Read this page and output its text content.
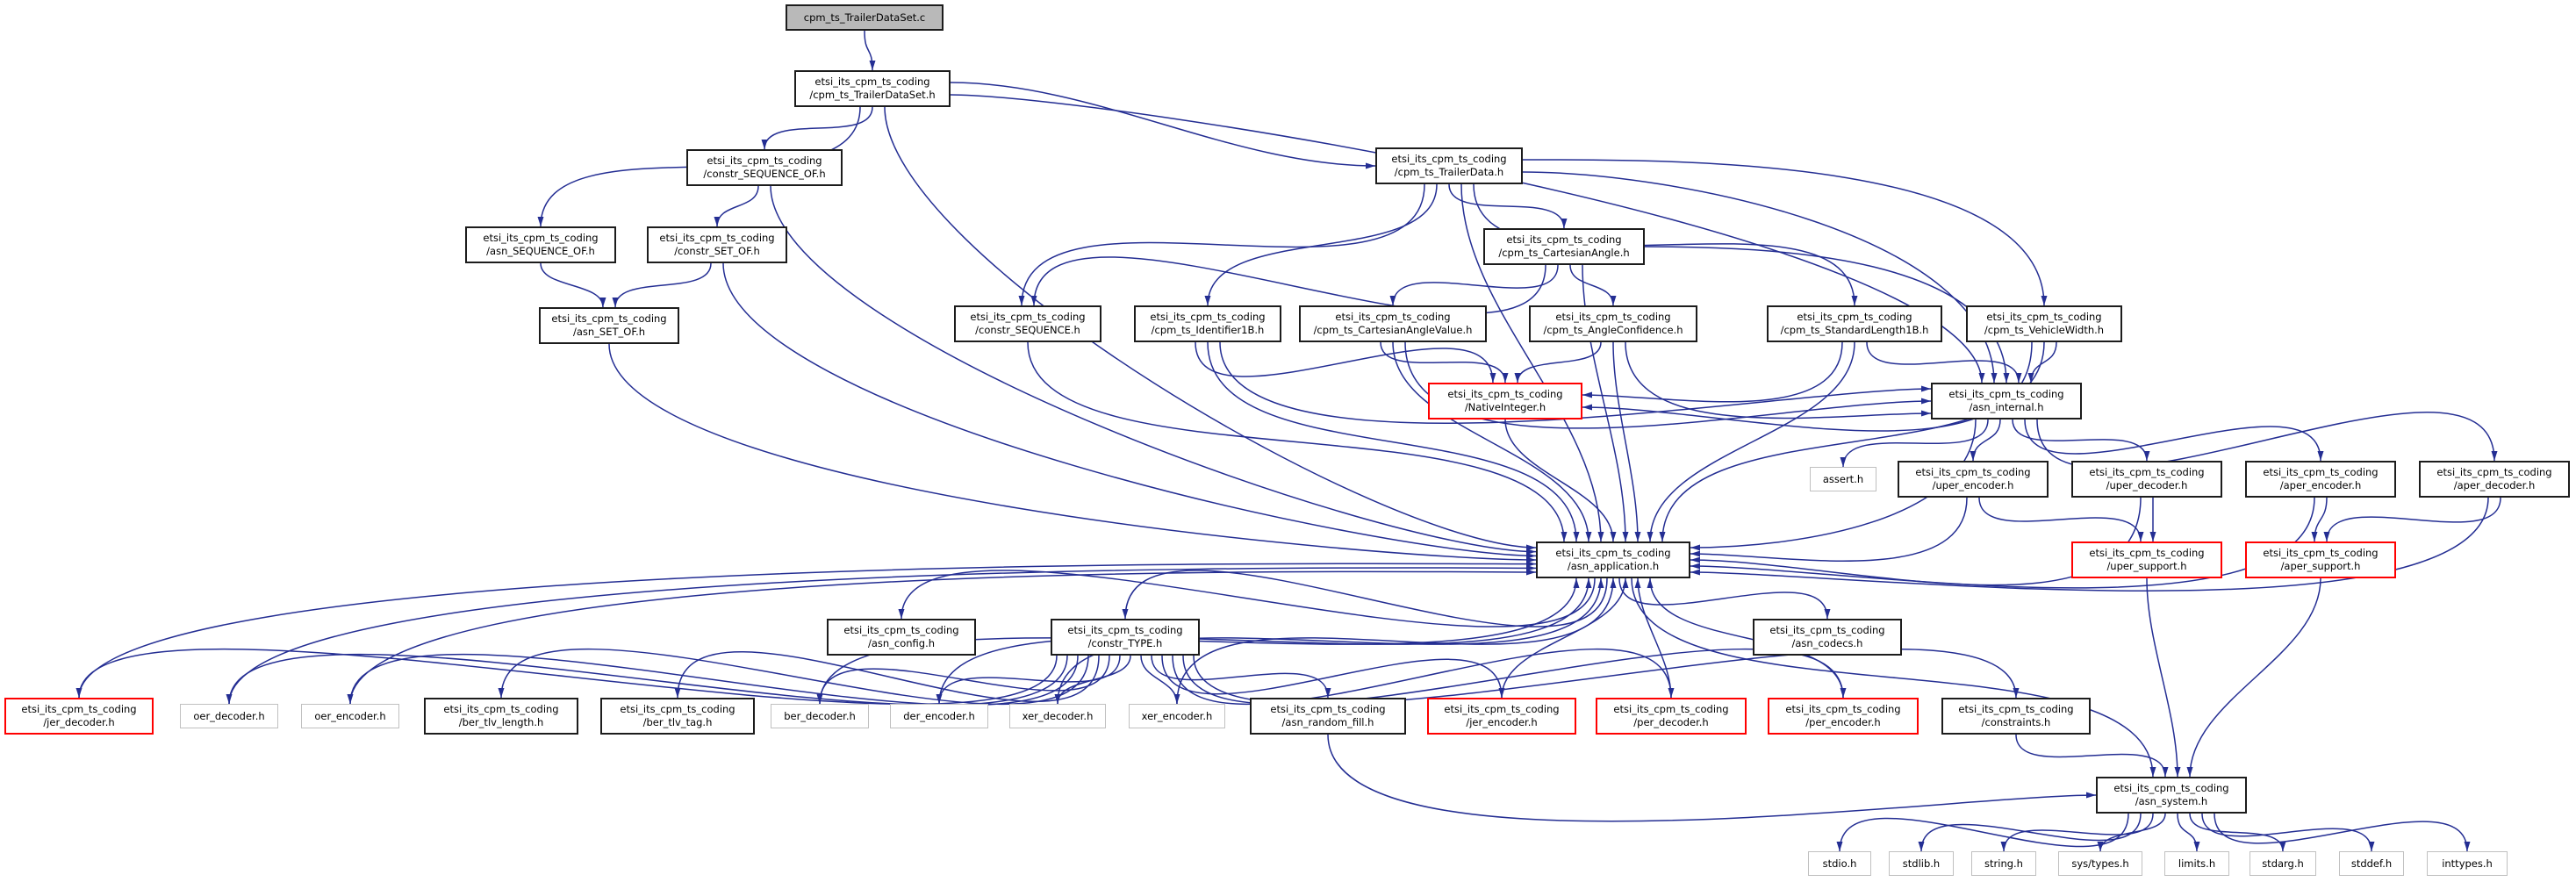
cpm_ts_TrailerDataSet.c
etsi_its_cpm_ts_coding
/cpm_ts_TrailerDataSet.h
etsi_its_cpm_ts_coding
/constr_SEQUENCE_OF.h
etsi_its_cpm_ts_coding
/cpm_ts_TrailerData.h
etsi_its_cpm_ts_coding
/asn_SEQUENCE_OF.h
etsi_its_cpm_ts_coding
/constr_SET_OF.h
etsi_its_cpm_ts_coding
/cpm_ts_CartesianAngle.h
etsi_its_cpm_ts_coding
/asn_SET_OF.h
etsi_its_cpm_ts_coding
/constr_SEQUENCE.h
etsi_its_cpm_ts_coding
/cpm_ts_Identifier1B.h
etsi_its_cpm_ts_coding
/cpm_ts_CartesianAngleValue.h
etsi_its_cpm_ts_coding
/cpm_ts_AngleConfidence.h
etsi_its_cpm_ts_coding
/cpm_ts_StandardLength1B.h
etsi_its_cpm_ts_coding
/cpm_ts_VehicleWidth.h
etsi_its_cpm_ts_coding
/NativeInteger.h
etsi_its_cpm_ts_coding
/asn_internal.h
assert.h
etsi_its_cpm_ts_coding
/uper_encoder.h
etsi_its_cpm_ts_coding
/uper_decoder.h
etsi_its_cpm_ts_coding
/aper_encoder.h
etsi_its_cpm_ts_coding
/aper_decoder.h
etsi_its_cpm_ts_coding
/asn_application.h
etsi_its_cpm_ts_coding
/uper_support.h
etsi_its_cpm_ts_coding
/aper_support.h
etsi_its_cpm_ts_coding
/asn_config.h
etsi_its_cpm_ts_coding
/constr_TYPE.h
etsi_its_cpm_ts_coding
/asn_codecs.h
etsi_its_cpm_ts_coding
/jer_decoder.h
oer_decoder.h	oer_encoder.h
etsi_its_cpm_ts_coding
/ber_tlv_length.h
etsi_its_cpm_ts_coding
/ber_tlv_tag.h
ber_decoder.h	der_encoder.h	xer_decoder.h	xer_encoder.h
etsi_its_cpm_ts_coding
/asn_random_fill.h
etsi_its_cpm_ts_coding
/jer_encoder.h
etsi_its_cpm_ts_coding
/per_decoder.h
etsi_its_cpm_ts_coding
/per_encoder.h
etsi_its_cpm_ts_coding
/constraints.h
etsi_its_cpm_ts_coding
/asn_system.h
stdio.h	stdlib.h	string.h	sys/types.h	limits.h	stdarg.h	stddef.h	inttypes.h
